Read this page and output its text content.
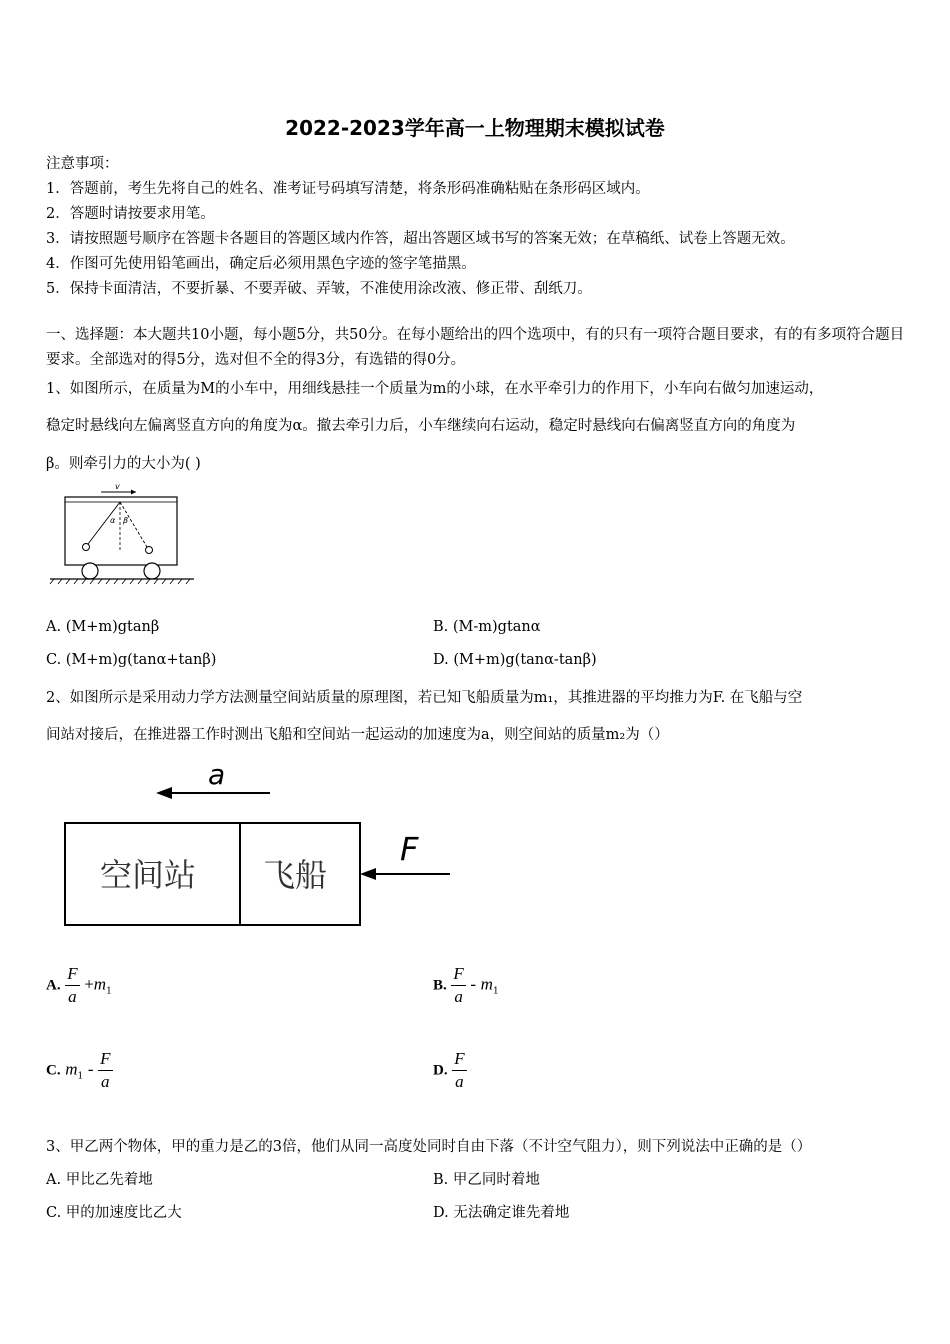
2022-2023学年高一上物理期末模拟试卷
注意事项：
1．答题前，考生先将自己的姓名、准考证号码填写清楚，将条形码准确粘贴在条形码区域内。
2．答题时请按要求用笔。
3．请按照题号顺序在答题卡各题目的答题区域内作答，超出答题区域书写的答案无效；在草稿纸、试卷上答题无效。
4．作图可先使用铅笔画出，确定后必须用黑色字迹的签字笔描黑。
5．保持卡面清洁，不要折暴、不要弄破、弄皱，不准使用涂改液、修正带、刮纸刀。
一、选择题：本大题共10小题，每小题5分，共50分。在每小题给出的四个选项中，有的只有一项符合题目要求，有的有多项符合题目要求。全部选对的得5分，选对但不全的得3分，有选错的得0分。
1、如图所示，在质量为M的小车中，用细线悬挂一个质量为m的小球，在水平牵引力的作用下，小车向右做匀加速运动，
稳定时悬线向左偏离竖直方向的角度为α。撤去牵引力后，小车继续向右运动，稳定时悬线向右偏离竖直方向的角度为
β。则牵引力的大小为( )
v
α β
A. (M+m)gtanβ	B. (M-m)gtanα
C. (M+m)g(tanα+tanβ)	D. (M+m)g(tanα-tanβ)
2、如图所示是采用动力学方法测量空间站质量的原理图，若已知飞船质量为m₁，其推进器的平均推力为F. 在飞船与空
间站对接后，在推进器工作时测出飞船和空间站一起运动的加速度为a，则空间站的质量m₂为（）
a
空间站 飞船
F
A. $\frac{F}{a} +m_1$	B. $\frac{F}{a} - m_1$
C. $m_1 - \frac{F}{a}$	D. $\frac{F}{a}$
3、甲乙两个物体，甲的重力是乙的3倍，他们从同一高度处同时自由下落（不计空气阻力），则下列说法中正确的是（）
A. 甲比乙先着地	B. 甲乙同时着地
C. 甲的加速度比乙大	D. 无法确定谁先着地
